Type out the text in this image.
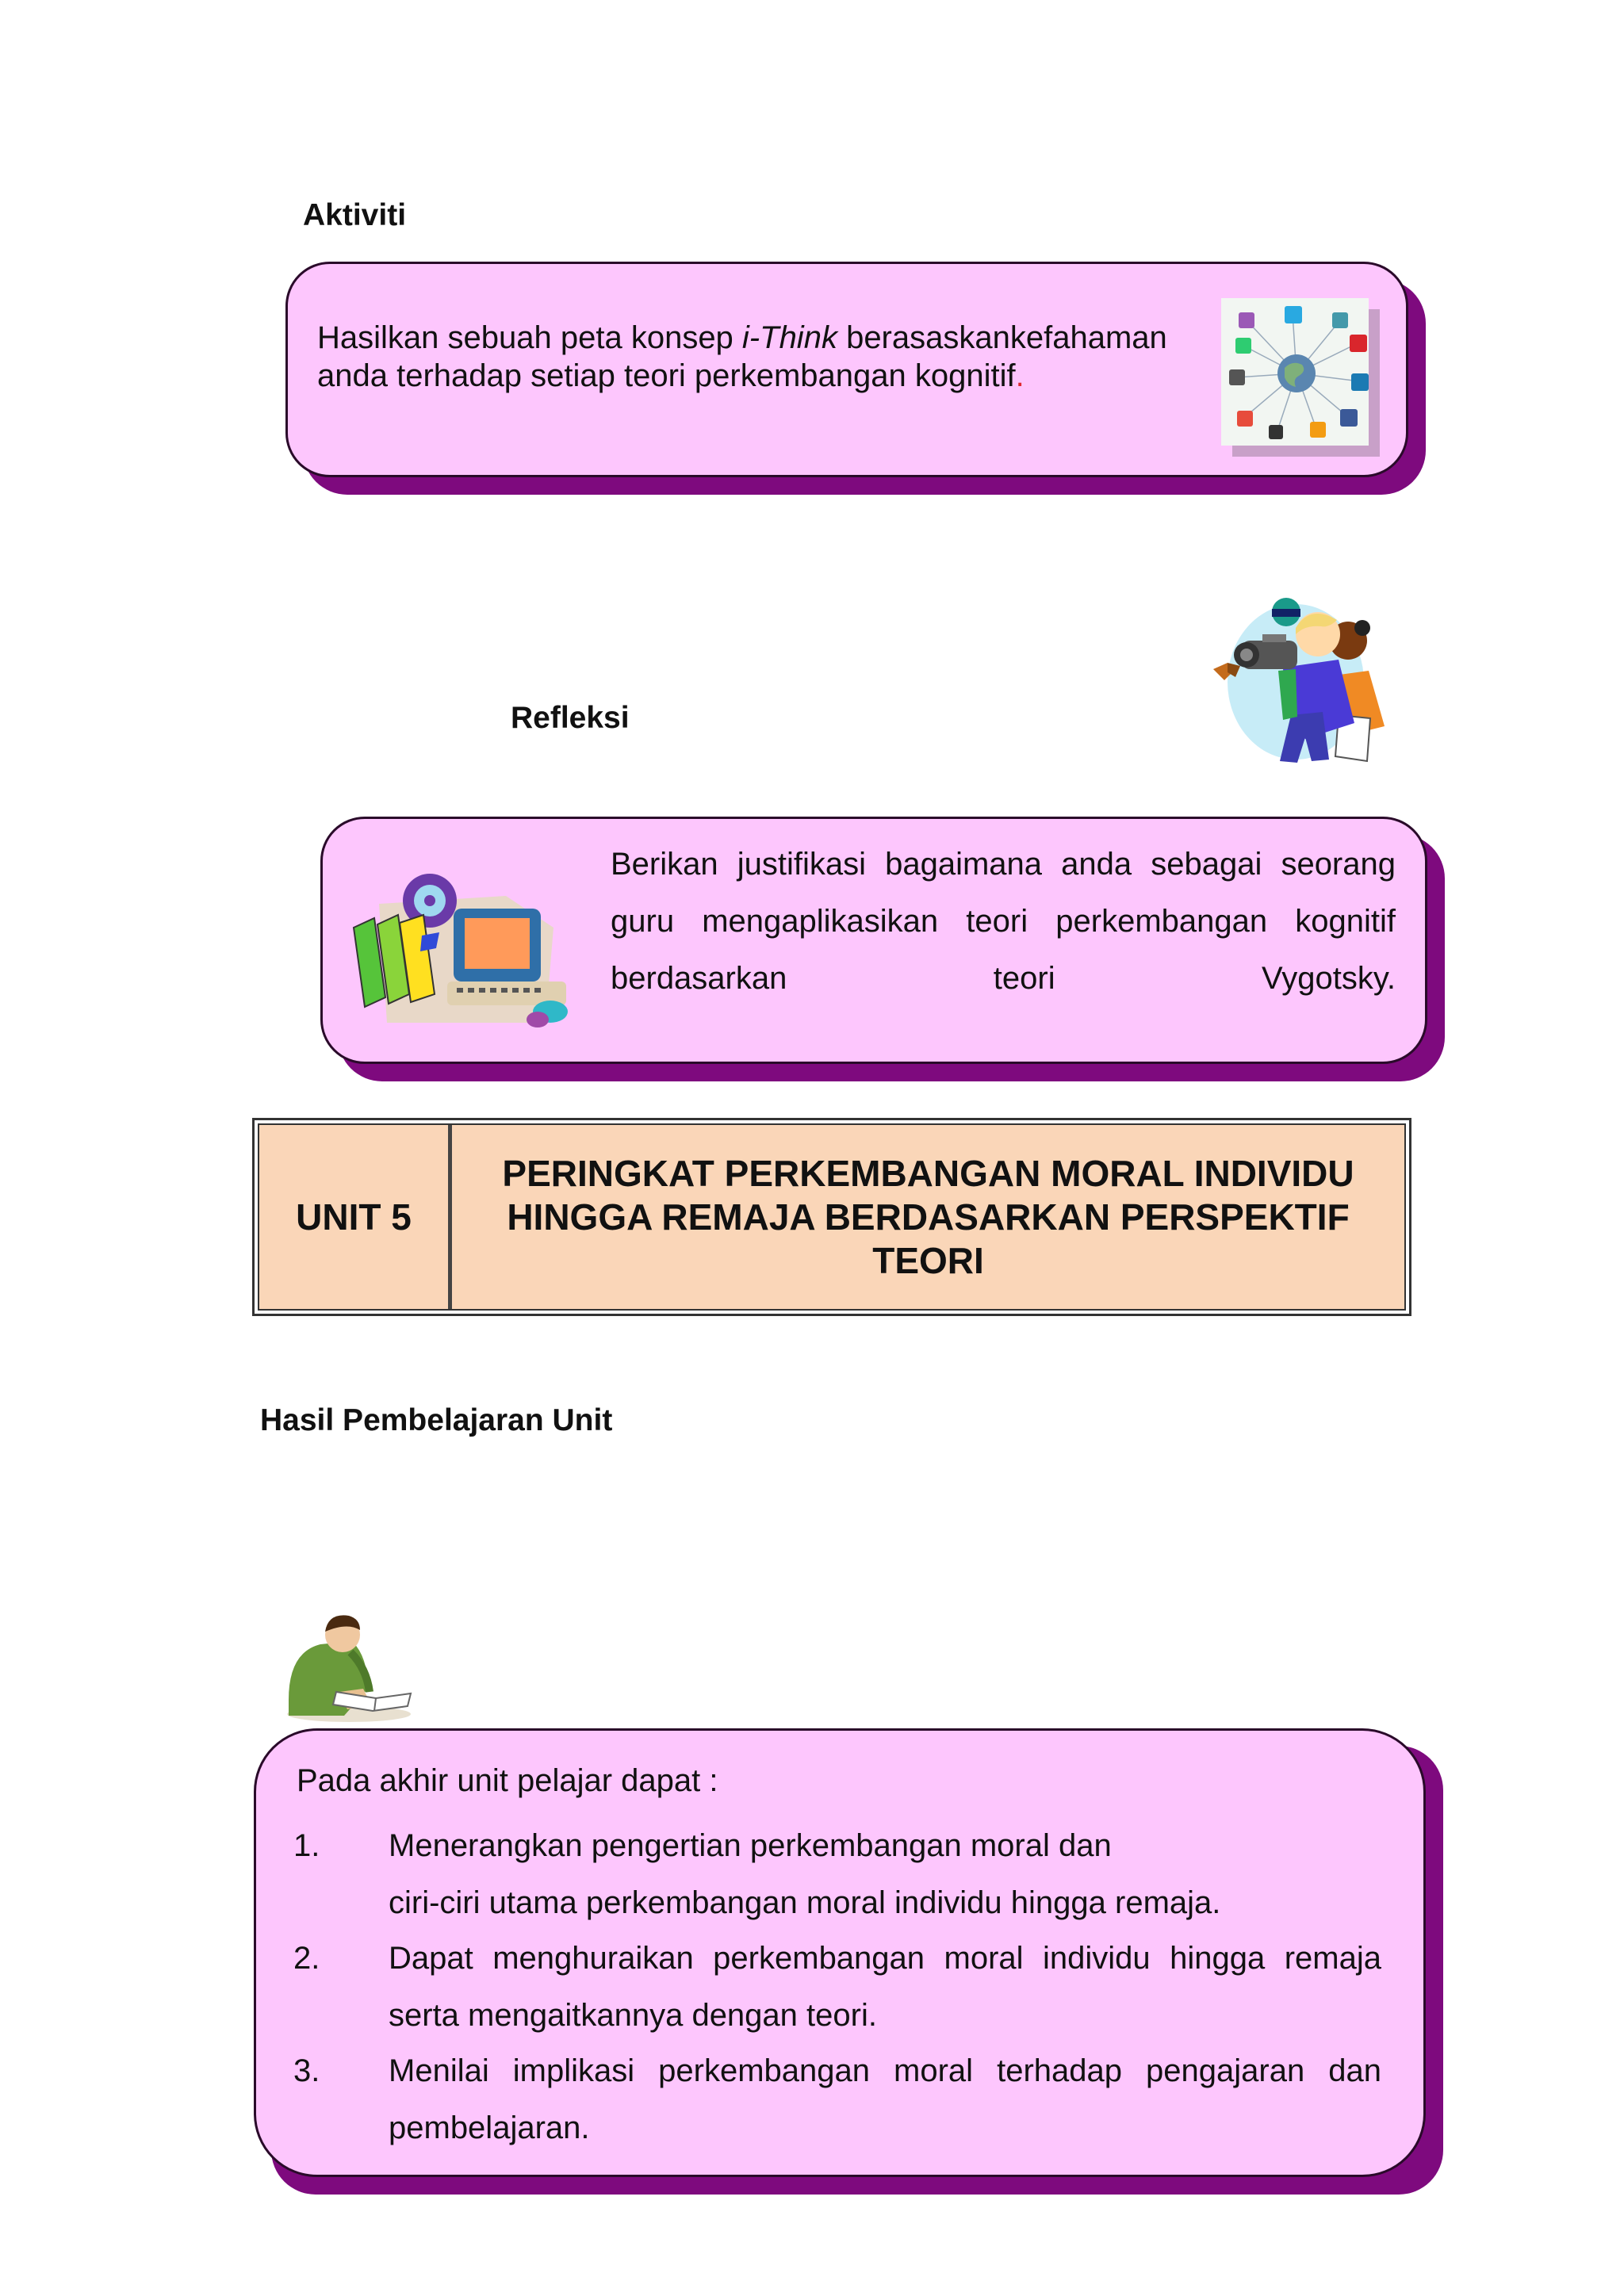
Aktiviti
Hasilkan sebuah peta konsep i-Think berasaskankefahaman anda terhadap setiap teori perkembangan kognitif.
Refleksi
Berikan justifikasi bagaimana anda sebagai seorang guru mengaplikasikan teori perkembangan kognitif berdasarkan teori Vygotsky.
UNIT 5
PERINGKAT PERKEMBANGAN MORAL INDIVIDU HINGGA REMAJA BERDASARKAN PERSPEKTIF TEORI
Hasil Pembelajaran Unit
Pada akhir unit pelajar dapat :
1. Menerangkan pengertian perkembangan moral dan
ciri-ciri utama perkembangan moral individu hingga remaja.
2. Dapat menghuraikan perkembangan moral individu hingga remaja
serta mengaitkannya dengan teori.
3. Menilai implikasi perkembangan moral terhadap pengajaran dan
pembelajaran.
